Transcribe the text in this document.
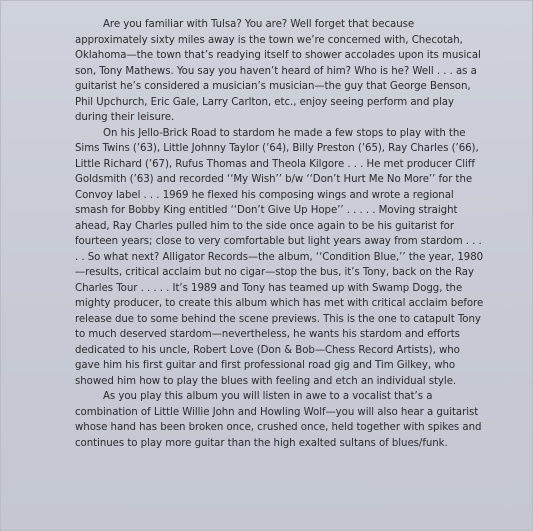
Are you familiar with Tulsa? You are? Well forget that because approximately sixty miles away is the town we’re concerned with, Checotah, Oklahoma—the town that’s readying itself to shower accolades upon its musical son, Tony Mathews. You say you haven’t heard of him? Who is he? Well . . . as a guitarist he’s considered a musician’s musician—the guy that George Benson, Phil Upchurch, Eric Gale, Larry Carlton, etc., enjoy seeing perform and play during their leisure.

On his Jello-Brick Road to stardom he made a few stops to play with the Sims Twins (’63), Little Johnny Taylor (’64), Billy Preston (’65), Ray Charles (’66), Little Richard (’67), Rufus Thomas and Theola Kilgore . . . He met producer Cliff Goldsmith (’63) and recorded ‘‘My Wish’’ b/w ‘‘Don’t Hurt Me No More’’ for the Convoy label . . . 1969 he flexed his composing wings and wrote a regional smash for Bobby King entitled ‘‘Don’t Give Up Hope’’ . . . . . Moving straight ahead, Ray Charles pulled him to the side once again to be his guitarist for fourteen years; close to very comfortable but light years away from stardom . . . . . So what next? Alligator Records—the album, ‘‘Condition Blue,’’ the year, 1980—results, critical acclaim but no cigar—stop the bus, it’s Tony, back on the Ray Charles Tour . . . . . It’s 1989 and Tony has teamed up with Swamp Dogg, the mighty producer, to create this album which has met with critical acclaim before release due to some behind the scene previews. This is the one to catapult Tony to much deserved stardom—nevertheless, he wants his stardom and efforts dedicated to his uncle, Robert Love (Don & Bob—Chess Record Artists), who gave him his first guitar and first professional road gig and Tim Gilkey, who showed him how to play the blues with feeling and etch an individual style.

As you play this album you will listen in awe to a vocalist that’s a combination of Little Willie John and Howling Wolf—you will also hear a guitarist whose hand has been broken once, crushed once, held together with spikes and continues to play more guitar than the high exalted sultans of blues/funk.
